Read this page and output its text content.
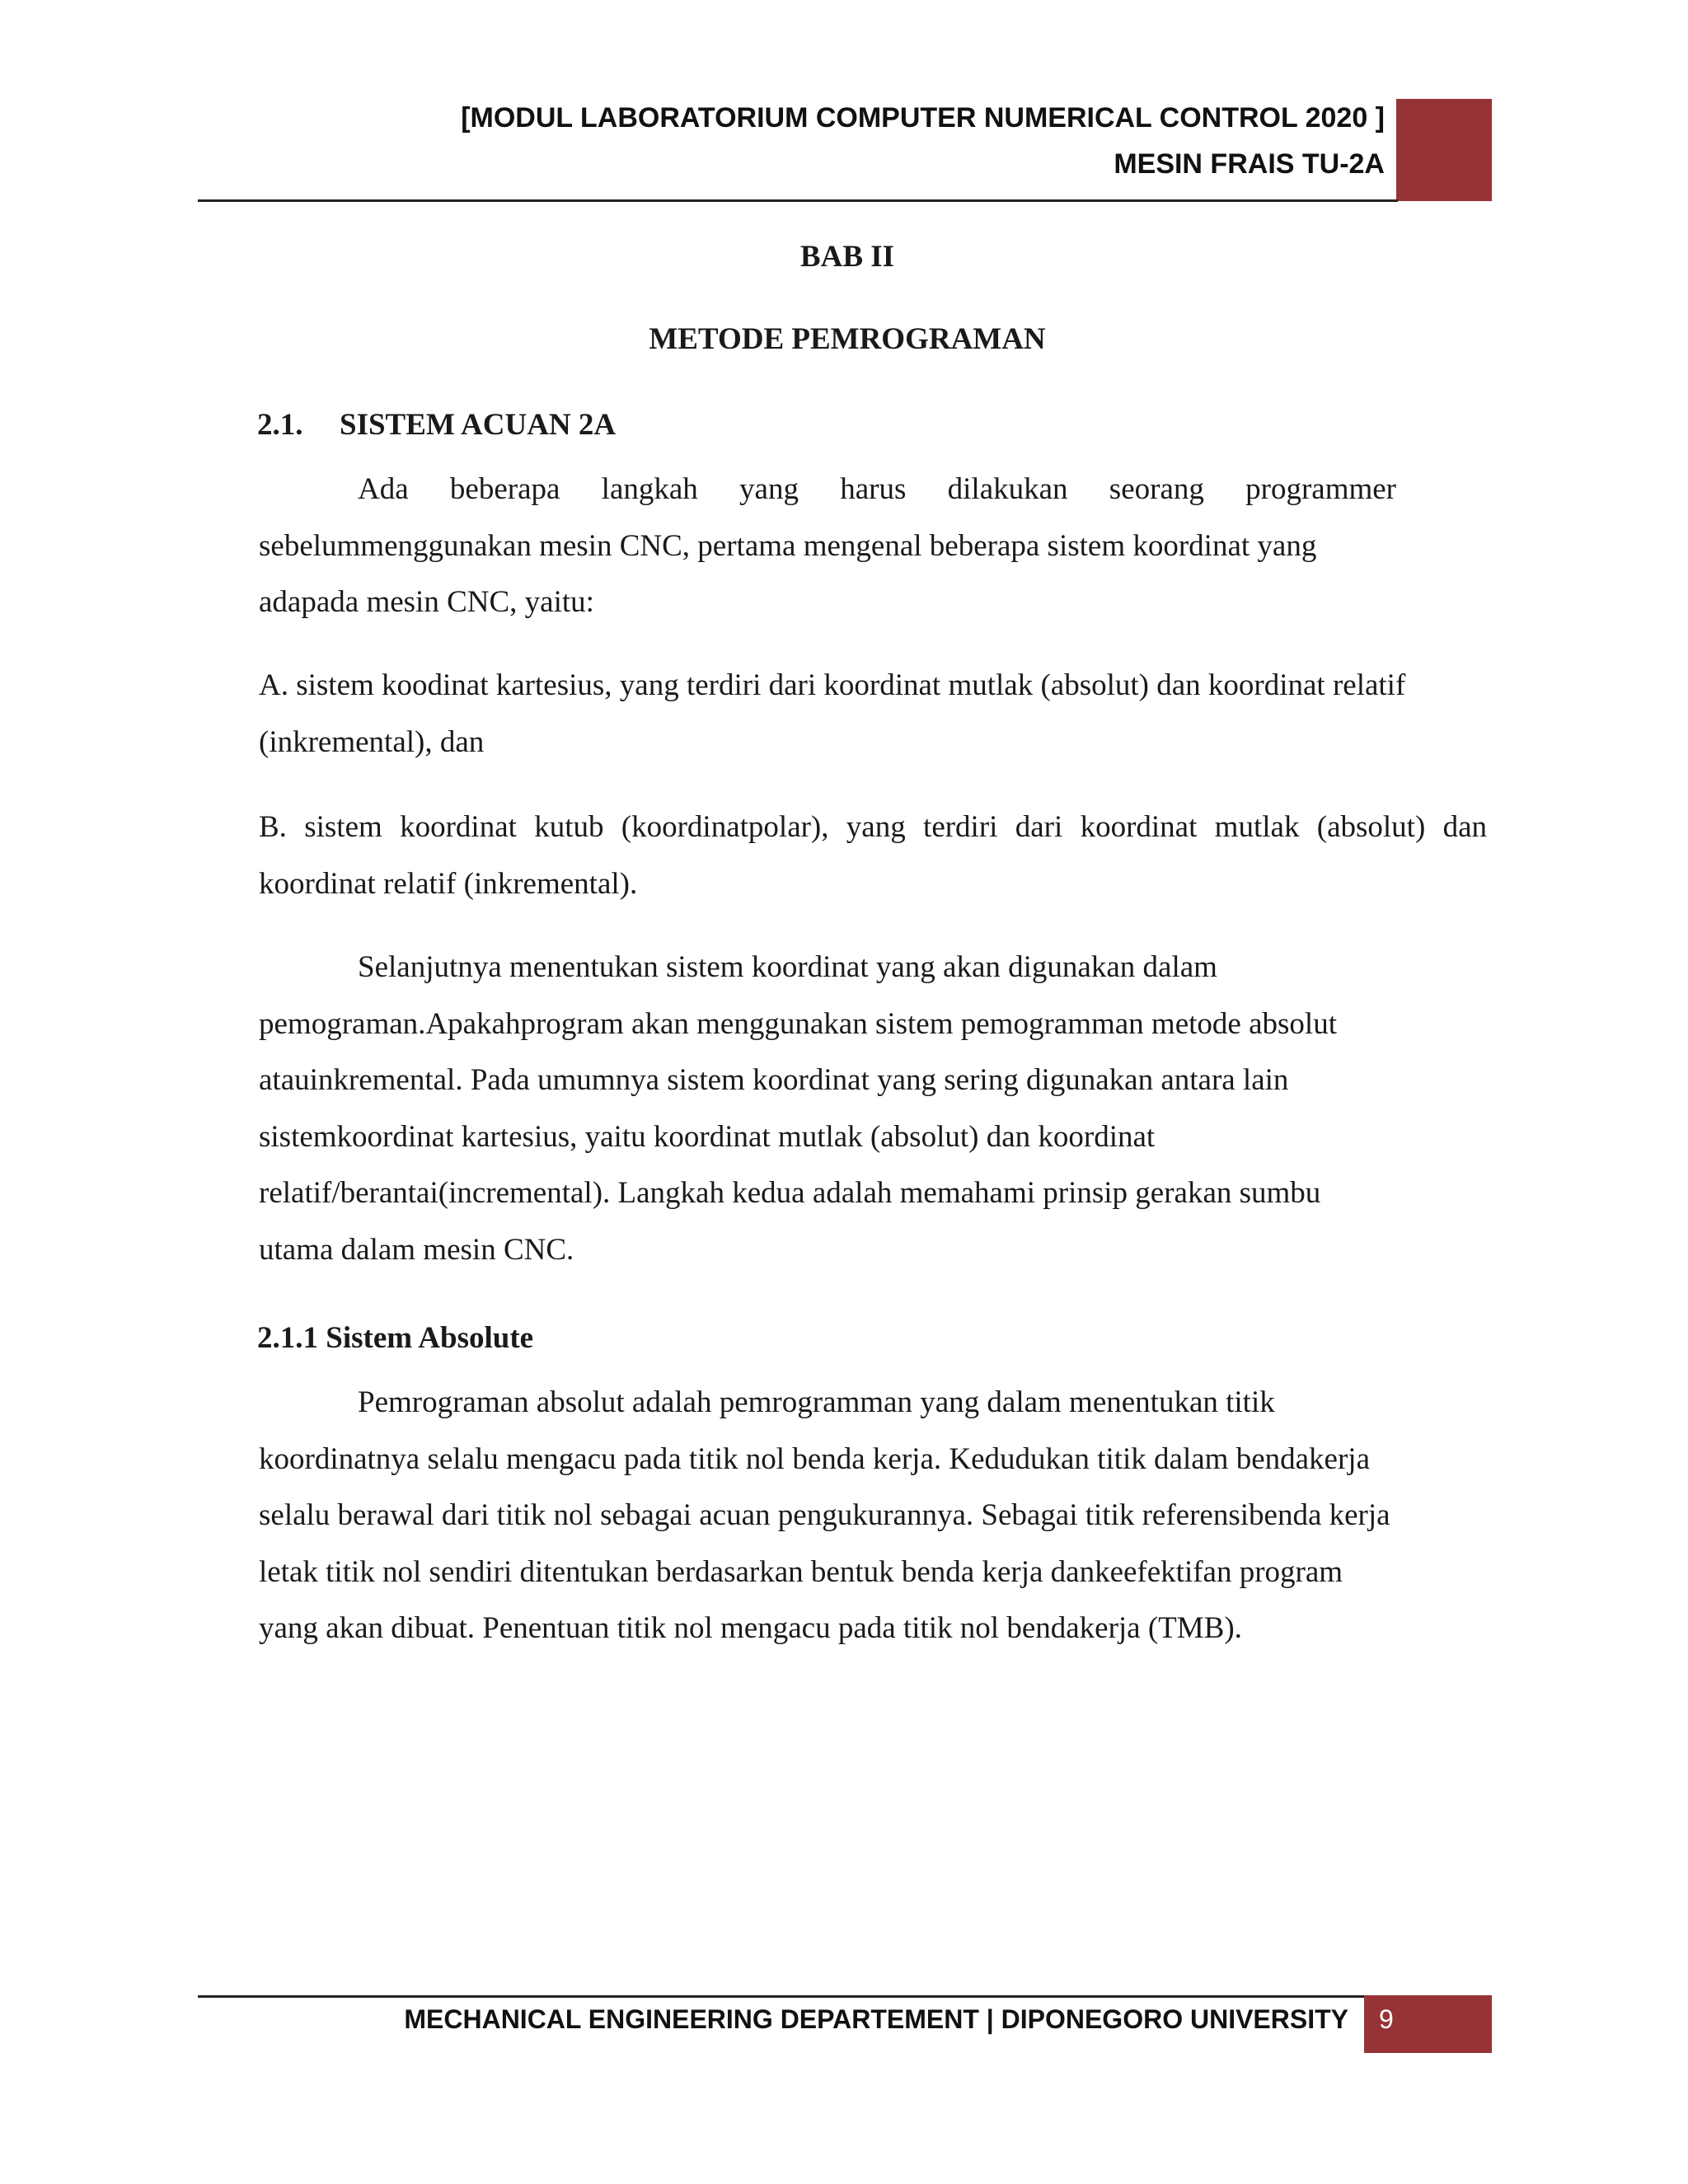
[MODUL LABORATORIUM COMPUTER NUMERICAL CONTROL 2020 ]
MESIN FRAIS TU-2A
BAB II
METODE PEMROGRAMAN
2.1. SISTEM ACUAN 2A
Ada beberapa langkah yang harus dilakukan seorang programmer
sebelummenggunakan mesin CNC, pertama mengenal beberapa sistem koordinat yang
adapada mesin CNC, yaitu:
A. sistem koodinat kartesius, yang terdiri dari koordinat mutlak (absolut) dan koordinat relatif
(inkremental), dan
B. sistem koordinat kutub (koordinatpolar), yang terdiri dari koordinat mutlak (absolut) dan
koordinat relatif (inkremental).
Selanjutnya menentukan sistem koordinat yang akan digunakan dalam
pemograman.Apakahprogram akan menggunakan sistem pemogramman metode absolut
atauinkremental. Pada umumnya sistem koordinat yang sering digunakan antara lain
sistemkoordinat kartesius, yaitu koordinat mutlak (absolut) dan koordinat
relatif/berantai(incremental). Langkah kedua adalah memahami prinsip gerakan sumbu
utama dalam mesin CNC.
2.1.1 Sistem Absolute
Pemrograman absolut adalah pemrogramman yang dalam menentukan titik
koordinatnya selalu mengacu pada titik nol benda kerja. Kedudukan titik dalam bendakerja
selalu berawal dari titik nol sebagai acuan pengukurannya. Sebagai titik referensibenda kerja
letak titik nol sendiri ditentukan berdasarkan bentuk benda kerja dankeefektifan program
yang akan dibuat. Penentuan titik nol mengacu pada titik nol bendakerja (TMB).
MECHANICAL ENGINEERING DEPARTEMENT | DIPONEGORO UNIVERSITY 9
